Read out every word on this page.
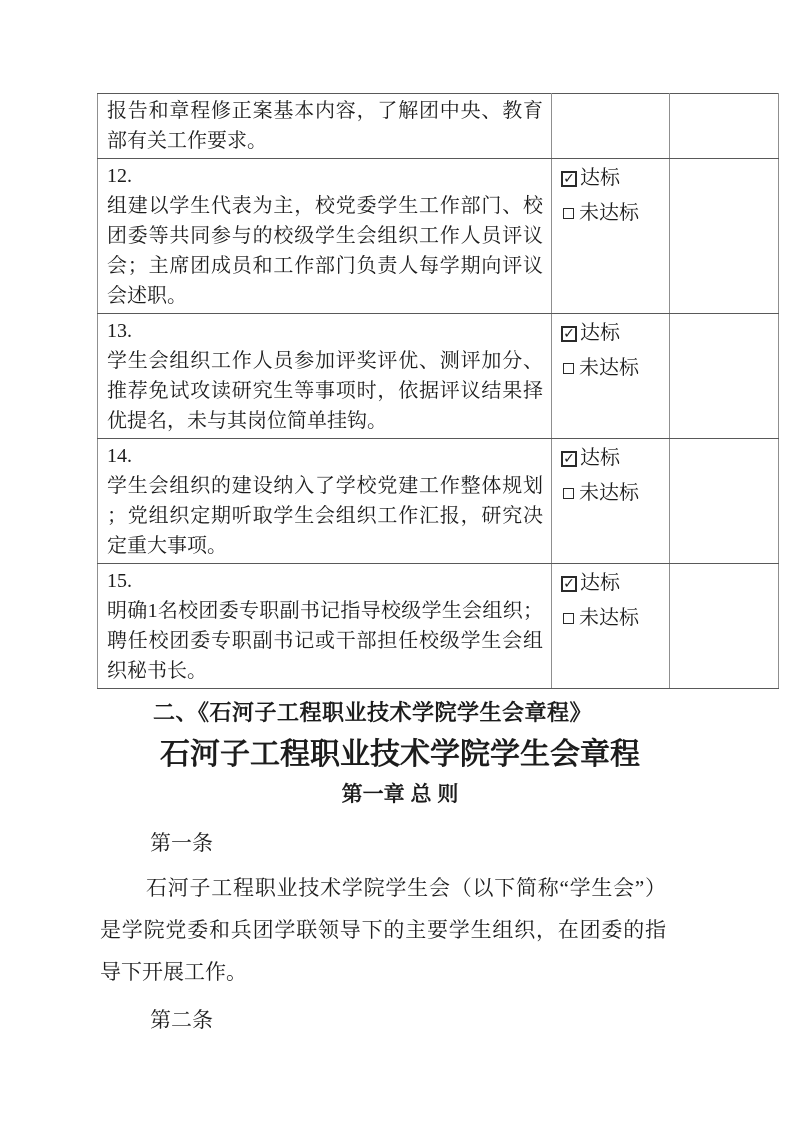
报告和章程修正案基本内容，了解团中央、教育部有关工作要求。		

12.
组建以学生代表为主，校党委学生工作部门、校团委等共同参与的校级学生会组织工作人员评议会；主席团成员和工作部门负责人每学期向评议会述职。

✓ 达标
未达标

13.
学生会组织工作人员参加评奖评优、测评加分、推荐免试攻读研究生等事项时，依据评议结果择优提名，未与其岗位简单挂钩。

✓ 达标
未达标

14.
学生会组织的建设纳入了学校党建工作整体规划；党组织定期听取学生会组织工作汇报，研究决定重大事项。

✓ 达标
未达标

15.
明确1名校团委专职副书记指导校级学生会组织；聘任校团委专职副书记或干部担任校级学生会组织秘书长。

✓ 达标
未达标

二、《石河子工程职业技术学院学生会章程》
石河子工程职业技术学院学生会章程
第一章 总 则
第一条
石河子工程职业技术学院学生会（以下简称“学生会”）是学院党委和兵团学联领导下的主要学生组织，在团委的指导下开展工作。
第二条
